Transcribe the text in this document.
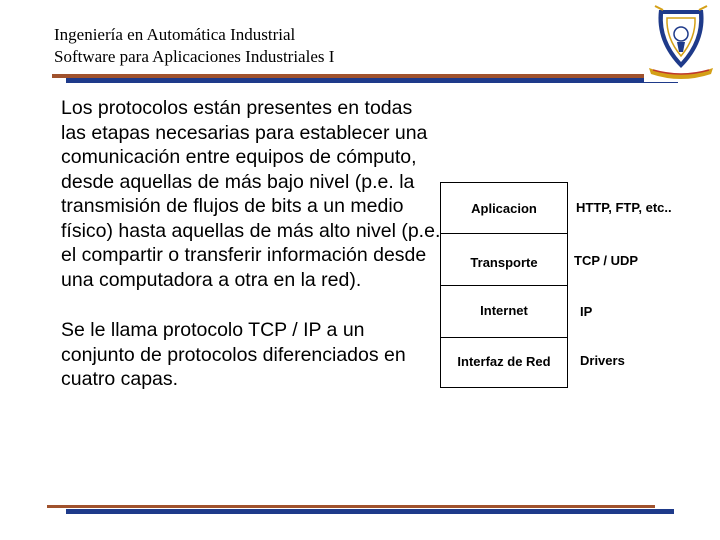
Ingeniería en Automática Industrial
Software para Aplicaciones Industriales I

Los protocolos están presentes en todas las etapas necesarias para establecer una comunicación entre equipos de cómputo, desde aquellas de más bajo nivel (p.e. la transmisión de flujos de bits a un medio físico) hasta aquellas de más alto nivel (p.e. el compartir o transferir información desde una computadora a otra en la red).

Se le llama protocolo TCP / IP a un conjunto de protocolos diferenciados en cuatro capas.

Aplicacion
Transporte
Internet
Interfaz de Red
HTTP, FTP, etc..
TCP / UDP
IP
Drivers
